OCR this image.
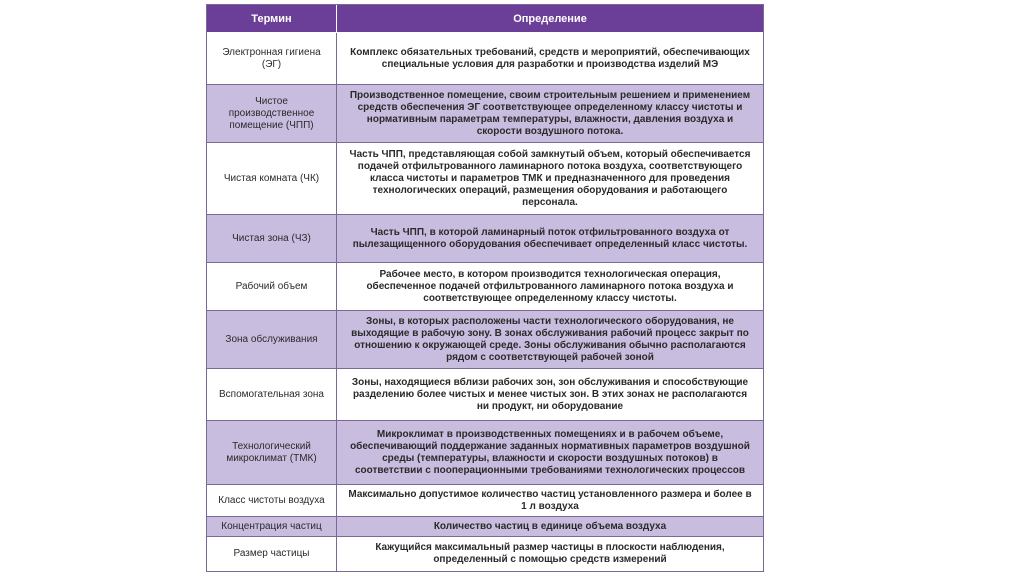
Термин	Определение
Электронная гигиена (ЭГ)
Комплекс обязательных требований, средств и мероприятий, обеспечивающих специальные условия для разработки и производства изделий МЭ
Чистое производственное помещение (ЧПП)
Производственное помещение, своим строительным решением и применением средств обеспечения ЭГ соответствующее определенному классу чистоты и нормативным параметрам температуры, влажности, давления воздуха и скорости воздушного потока.
Чистая комната (ЧК)
Часть ЧПП, представляющая собой замкнутый объем, который обеспечивается подачей отфильтрованного ламинарного потока воздуха, соответствующего класса чистоты и параметров ТМК и предназначенного для проведения технологических операций, размещения оборудования и работающего персонала.
Чистая зона (ЧЗ)
Часть ЧПП, в которой ламинарный поток отфильтрованного воздуха от пылезащищенного оборудования обеспечивает определенный класс чистоты.
Рабочий объем
Рабочее место, в котором производится технологическая операция, обеспеченное подачей отфильтрованного ламинарного потока воздуха и соответствующее определенному классу чистоты.
Зона обслуживания
Зоны, в которых расположены части технологического оборудования, не выходящие в рабочую зону. В зонах обслуживания рабочий процесс закрыт по отношению к окружающей среде. Зоны обслуживания обычно располагаются рядом с соответствующей рабочей зоной
Вспомогательная зона
Зоны, находящиеся вблизи рабочих зон, зон обслуживания и способствующие разделению более чистых и менее чистых зон. В этих зонах не располагаются ни продукт, ни оборудование
Технологический микроклимат (ТМК)
Микроклимат в производственных помещениях и в рабочем объеме, обеспечивающий поддержание заданных нормативных параметров воздушной среды (температуры, влажности и скорости воздушных потоков) в соответствии с пооперационными требованиями технологических процессов
Класс чистоты воздуха
Максимально допустимое количество частиц установленного размера и более в 1 л воздуха
Концентрация частиц	Количество частиц в единице объема воздуха
Размер частицы
Кажущийся максимальный размер частицы в плоскости наблюдения, определенный с помощью средств измерений
